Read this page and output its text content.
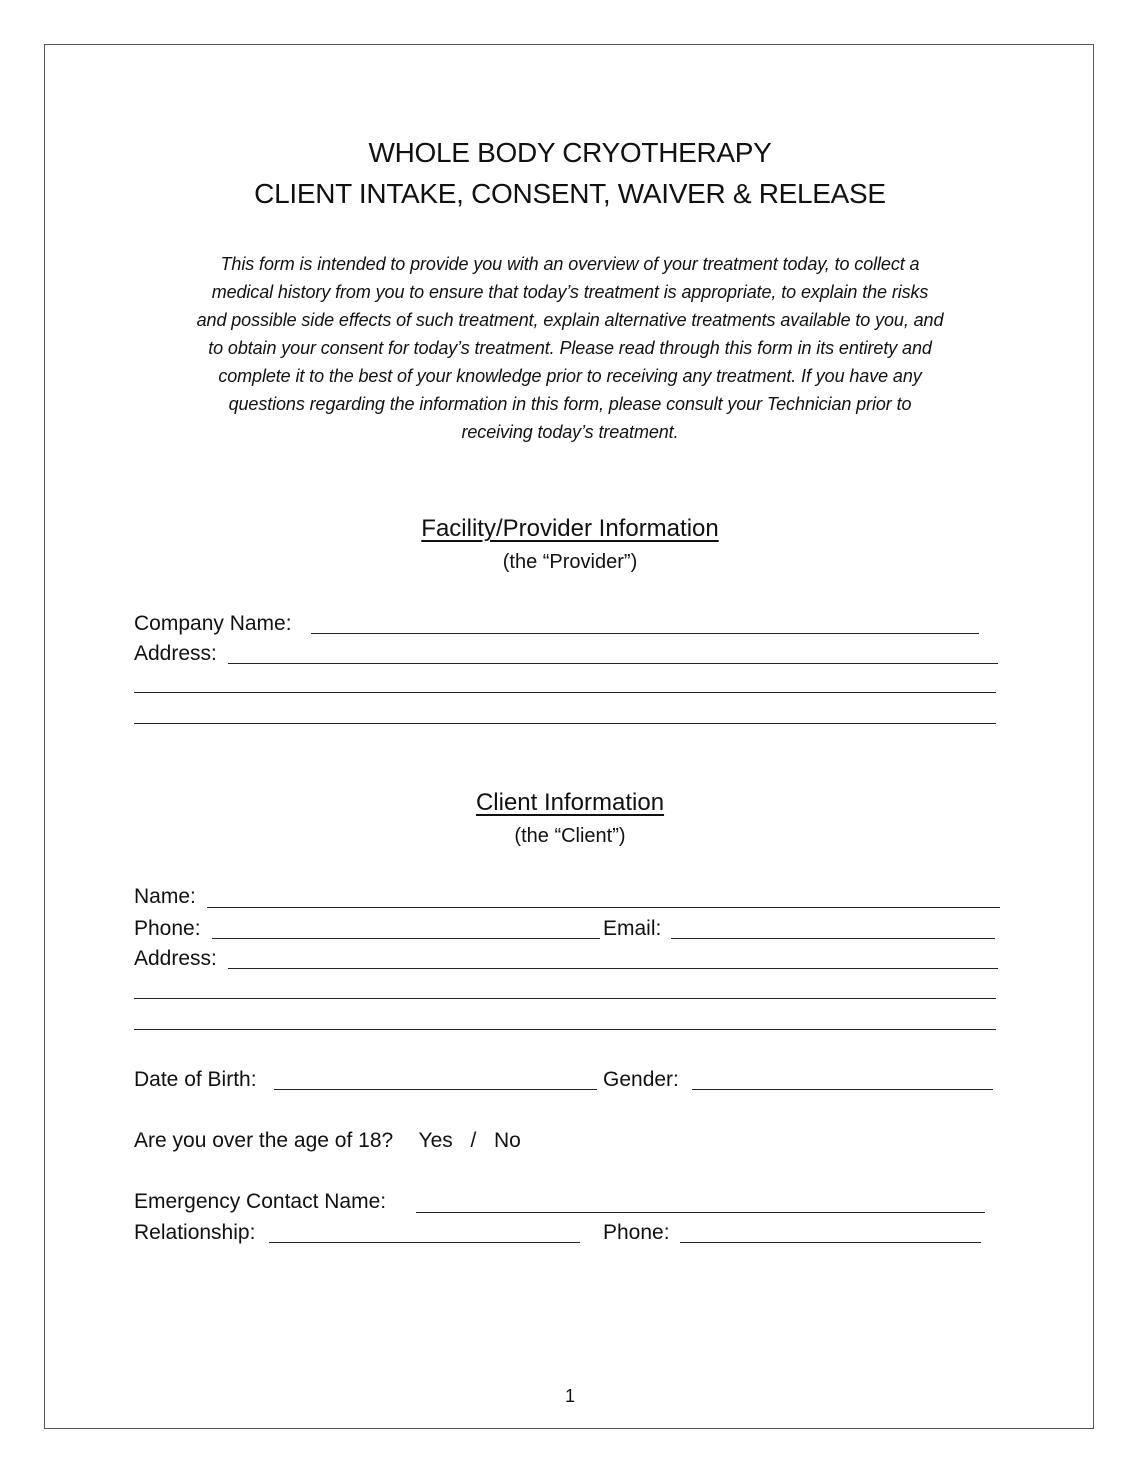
WHOLE BODY CRYOTHERAPY
CLIENT INTAKE, CONSENT, WAIVER & RELEASE
This form is intended to provide you with an overview of your treatment today, to collect a
medical history from you to ensure that today’s treatment is appropriate, to explain the risks
and possible side effects of such treatment, explain alternative treatments available to you, and
to obtain your consent for today’s treatment. Please read through this form in its entirety and
complete it to the best of your knowledge prior to receiving any treatment. If you have any
questions regarding the information in this form, please consult your Technician prior to
receiving today’s treatment.
Facility/Provider Information
(the “Provider”)
Company Name:
Address:
Client Information
(the “Client”)
Name:
Phone:	Email:
Address:
Date of Birth:	Gender:
Are you over the age of 18? Yes / No
Emergency Contact Name:
Relationship:	Phone:
1
